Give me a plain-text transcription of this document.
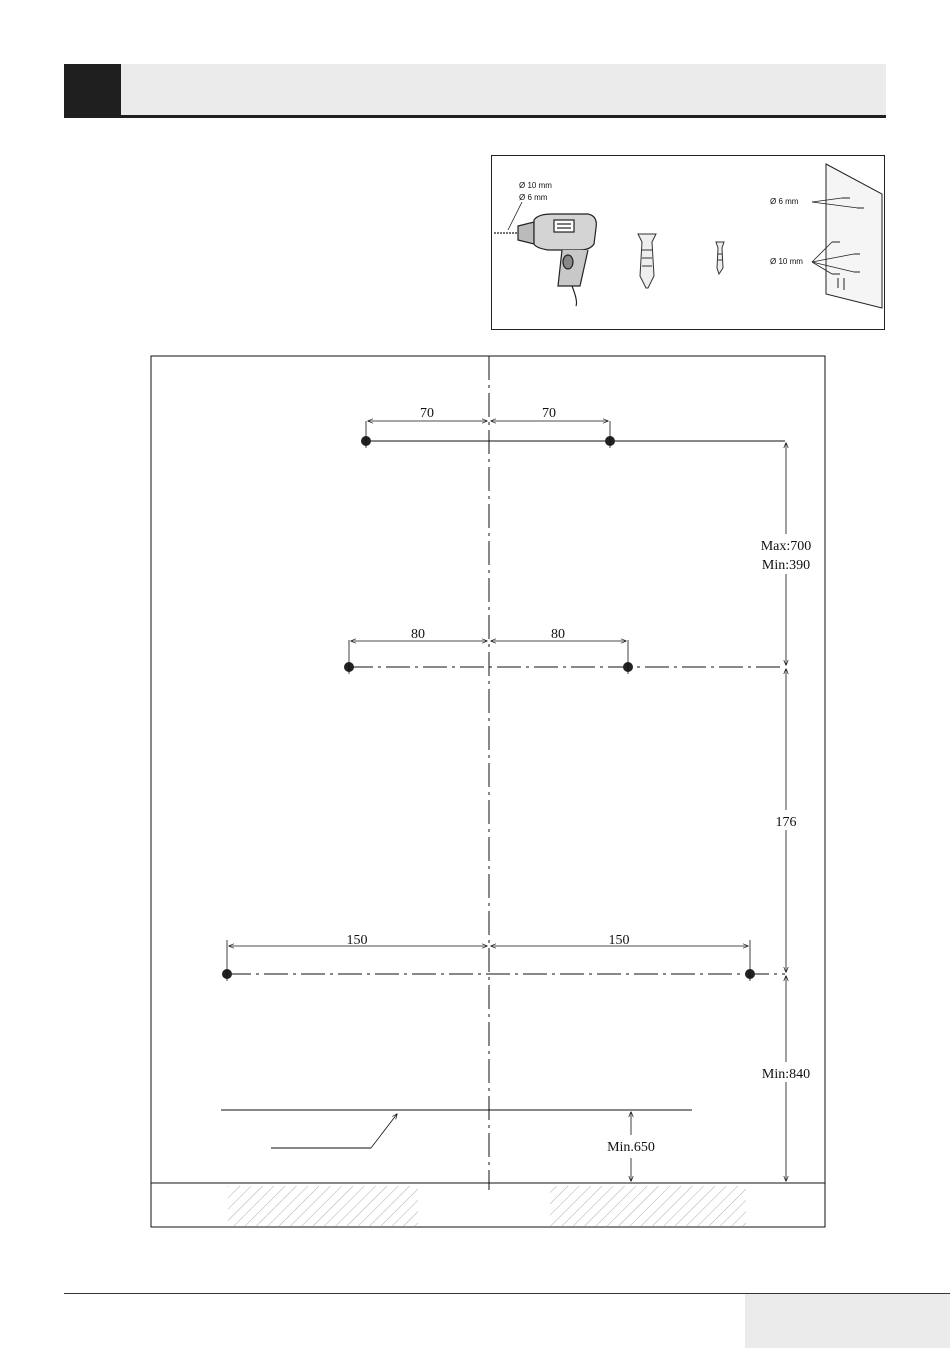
Ø 10 mm
Ø 6 mm	Ø 6 mm
Ø 10 mm
70	70
80	80
150	150
Max:700
Min:390
176
Min:840
Min.650
